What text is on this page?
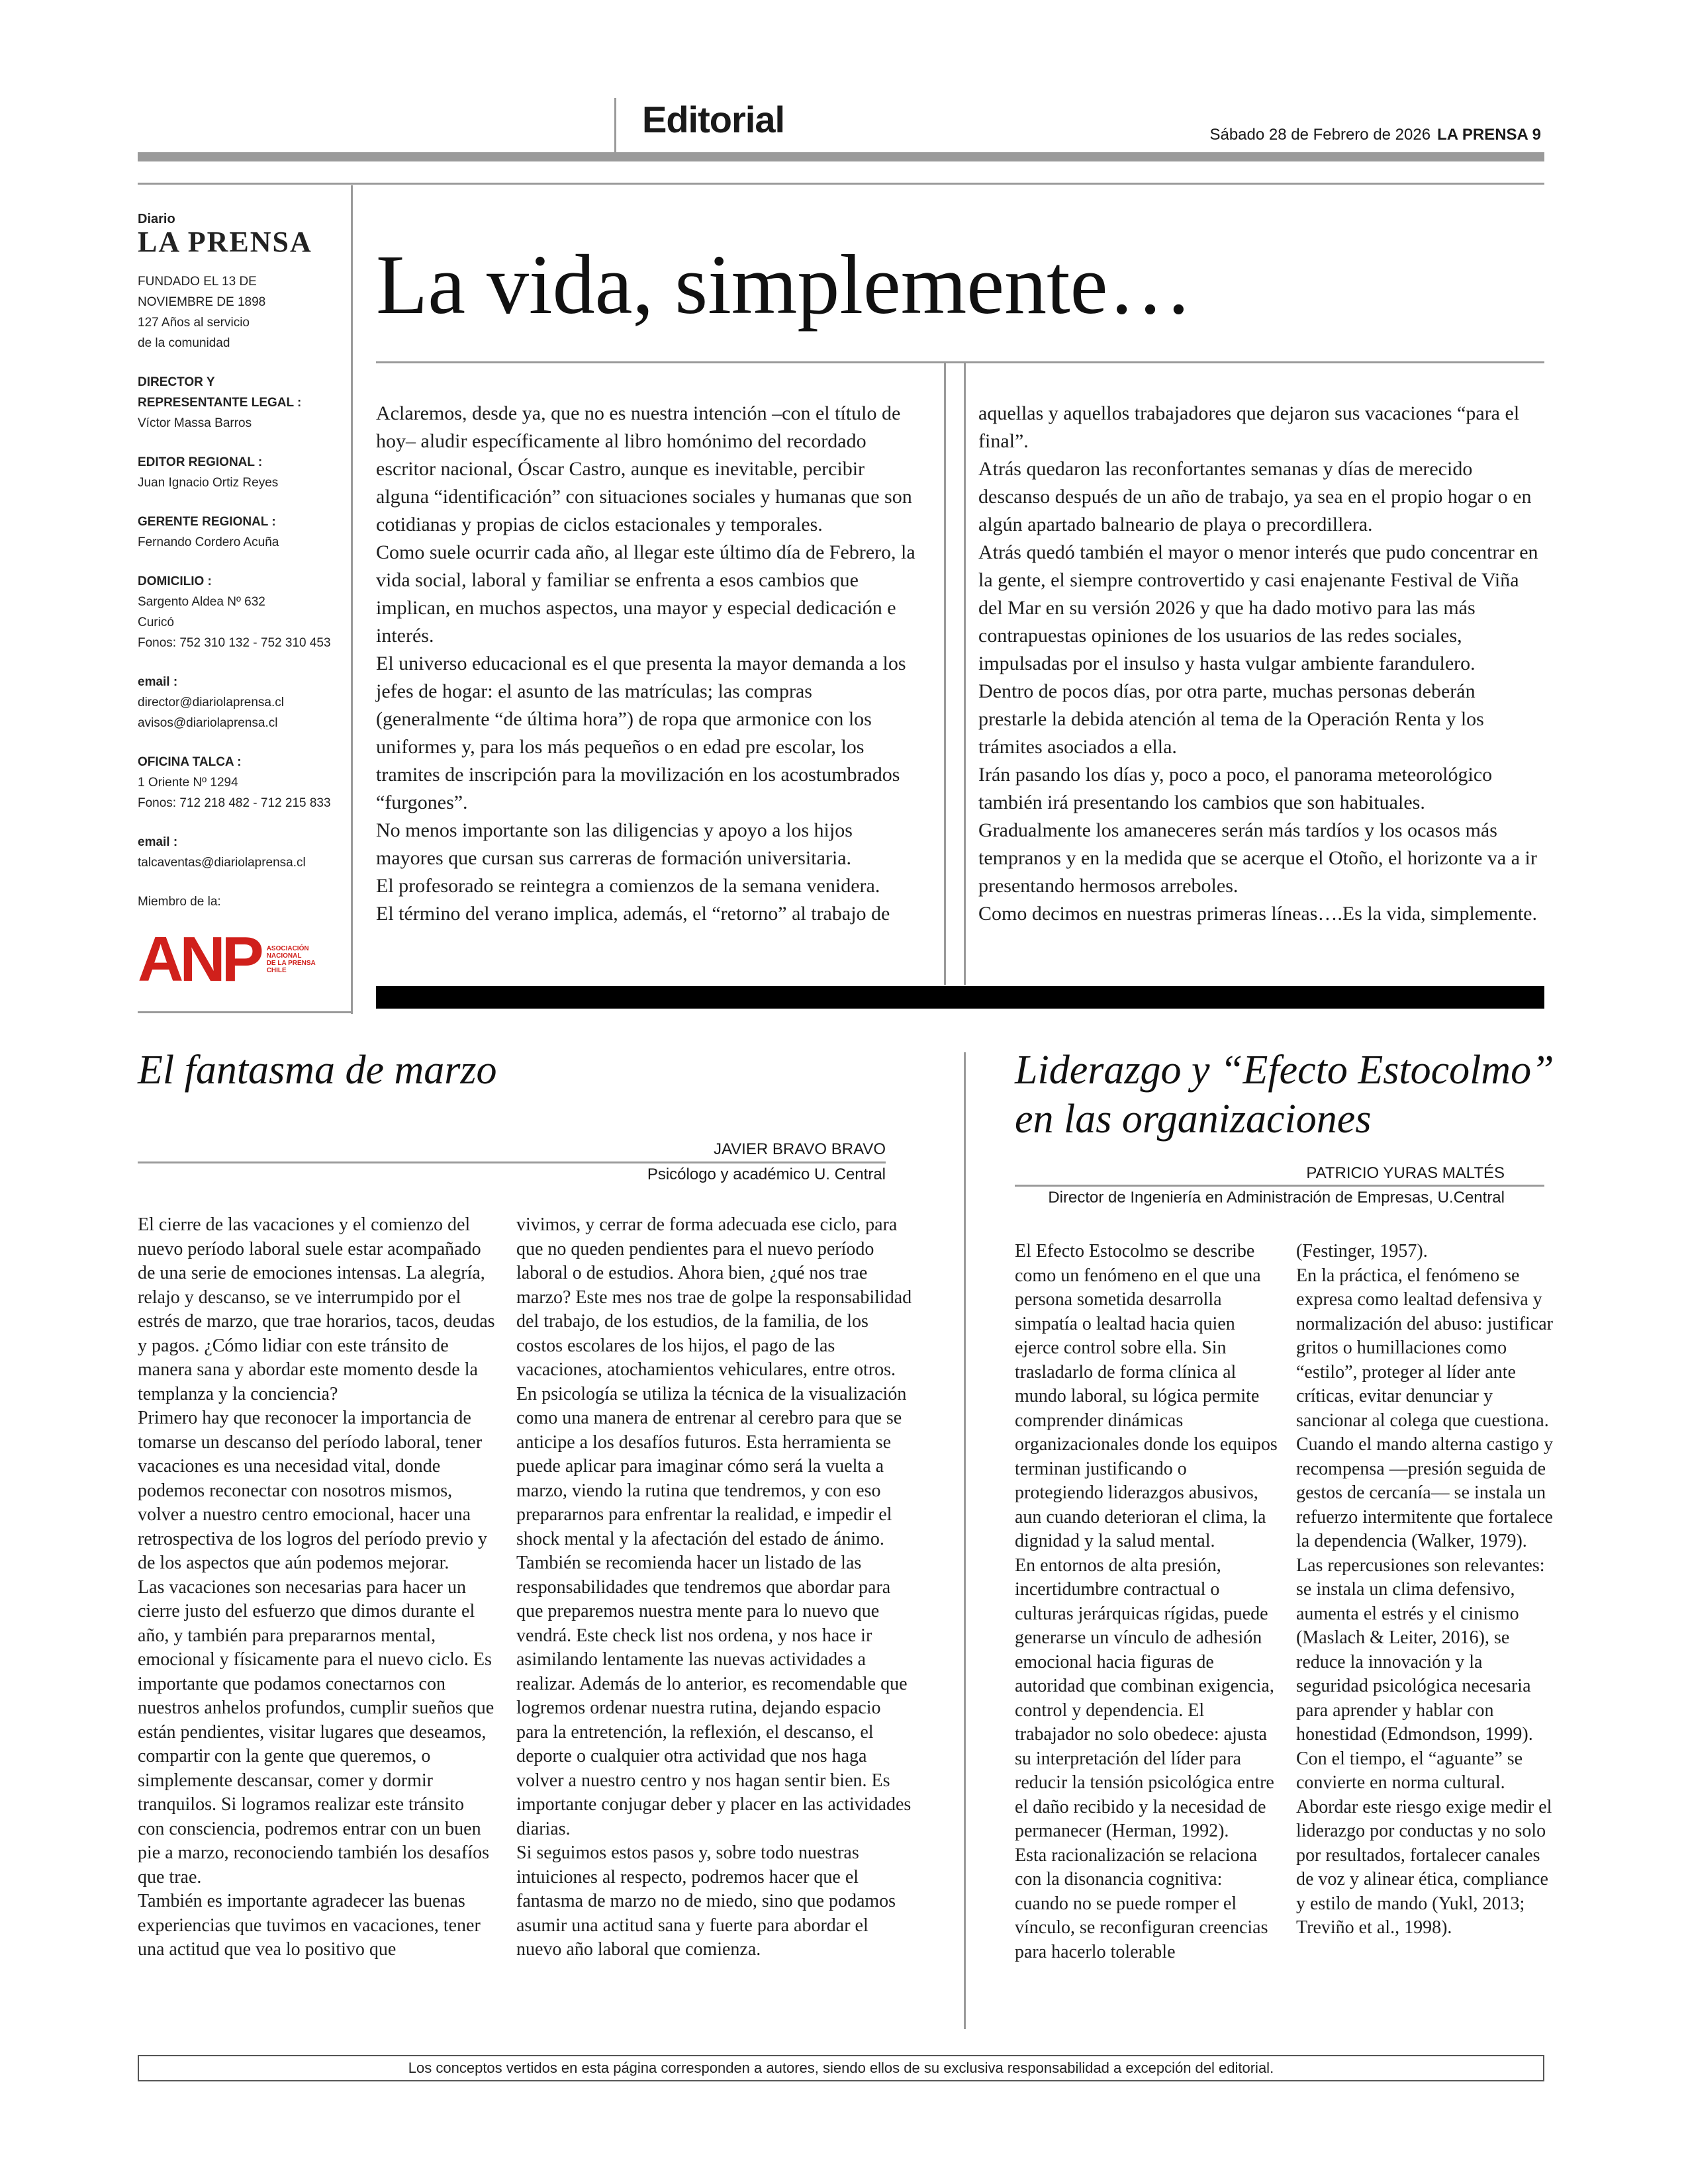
Editorial	Sábado 28 de Febrero de 2026 LA PRENSA 9
Diario
LA PRENSA
FUNDADO EL 13 DE
NOVIEMBRE DE 1898
127 Años al servicio
de la comunidad
DIRECTOR Y
REPRESENTANTE LEGAL :
Víctor Massa Barros
EDITOR REGIONAL :
Juan Ignacio Ortiz Reyes
GERENTE REGIONAL :
Fernando Cordero Acuña
DOMICILIO :
Sargento Aldea Nº 632
Curicó
Fonos: 752 310 132 - 752 310 453
email :
director@diariolaprensa.cl
avisos@diariolaprensa.cl
OFICINA TALCA :
1 Oriente Nº 1294
Fonos: 712 218 482 - 712 215 833
email :
talcaventas@diariolaprensa.cl
Miembro de la:
ANP ASOCIACIÓN
NACIONAL
DE LA PRENSA
CHILE
La vida, simplemente…

Aclaremos, desde ya, que no es nuestra intención –con el título de hoy– aludir específicamente al libro homónimo del recordado escritor nacional, Óscar Castro, aunque es inevitable, percibir alguna “identificación” con situaciones sociales y humanas que son cotidianas y propias de ciclos estacionales y temporales.

Como suele ocurrir cada año, al llegar este último día de Febrero, la vida social, laboral y familiar se enfrenta a esos cambios que implican, en muchos aspectos, una mayor y especial dedicación e interés.

El universo educacional es el que presenta la mayor demanda a los jefes de hogar: el asunto de las matrículas; las compras (generalmente “de última hora”) de ropa que armonice con los uniformes y, para los más pequeños o en edad pre escolar, los tramites de inscripción para la movilización en los acostumbrados “furgones”.

No menos importante son las diligencias y apoyo a los hijos mayores que cursan sus carreras de formación universitaria.

El profesorado se reintegra a comienzos de la semana venidera.

El término del verano implica, además, el “retorno” al trabajo de

aquellas y aquellos trabajadores que dejaron sus vacaciones “para el final”.

Atrás quedaron las reconfortantes semanas y días de merecido descanso después de un año de trabajo, ya sea en el propio hogar o en algún apartado balneario de playa o precordillera.

Atrás quedó también el mayor o menor interés que pudo concentrar en la gente, el siempre controvertido y casi enajenante Festival de Viña del Mar en su versión 2026 y que ha dado motivo para las más contrapuestas opiniones de los usuarios de las redes sociales, impulsadas por el insulso y hasta vulgar ambiente farandulero.

Dentro de pocos días, por otra parte, muchas personas deberán prestarle la debida atención al tema de la Operación Renta y los trámites asociados a ella.

Irán pasando los días y, poco a poco, el panorama meteorológico también irá presentando los cambios que son habituales.

Gradualmente los amaneceres serán más tardíos y los ocasos más tempranos y en la medida que se acerque el Otoño, el horizonte va a ir presentando hermosos arreboles.

Como decimos en nuestras primeras líneas….Es la vida, simplemente.

El fantasma de marzo
JAVIER BRAVO BRAVO
Psicólogo y académico U. Central

El cierre de las vacaciones y el comienzo del nuevo período laboral suele estar acompañado de una serie de emociones intensas. La alegría, relajo y descanso, se ve interrumpido por el estrés de marzo, que trae horarios, tacos, deudas y pagos. ¿Cómo lidiar con este tránsito de manera sana y abordar este momento desde la templanza y la conciencia?

Primero hay que reconocer la importancia de tomarse un descanso del período laboral, tener vacaciones es una necesidad vital, donde podemos reconectar con nosotros mismos, volver a nuestro centro emocional, hacer una retrospectiva de los logros del período previo y de los aspectos que aún podemos mejorar.

Las vacaciones son necesarias para hacer un cierre justo del esfuerzo que dimos durante el año, y también para prepararnos mental, emocional y físicamente para el nuevo ciclo. Es importante que podamos conectarnos con nuestros anhelos profundos, cumplir sueños que están pendientes, visitar lugares que deseamos, compartir con la gente que queremos, o simplemente descansar, comer y dormir tranquilos. Si logramos realizar este tránsito con consciencia, podremos entrar con un buen pie a marzo, reconociendo también los desafíos que trae.

También es importante agradecer las buenas experiencias que tuvimos en vacaciones, tener una actitud que vea lo positivo que

vivimos, y cerrar de forma adecuada ese ciclo, para que no queden pendientes para el nuevo período laboral o de estudios. Ahora bien, ¿qué nos trae marzo? Este mes nos trae de golpe la responsabilidad del trabajo, de los estudios, de la familia, de los costos escolares de los hijos, el pago de las vacaciones, atochamientos vehiculares, entre otros.

En psicología se utiliza la técnica de la visualización como una manera de entrenar al cerebro para que se anticipe a los desafíos futuros. Esta herramienta se puede aplicar para imaginar cómo será la vuelta a marzo, viendo la rutina que tendremos, y con eso prepararnos para enfrentar la realidad, e impedir el shock mental y la afectación del estado de ánimo.

También se recomienda hacer un listado de las responsabilidades que tendremos que abordar para que preparemos nuestra mente para lo nuevo que vendrá. Este check list nos ordena, y nos hace ir asimilando lentamente las nuevas actividades a realizar. Además de lo anterior, es recomendable que logremos ordenar nuestra rutina, dejando espacio para la entretención, la reflexión, el descanso, el deporte o cualquier otra actividad que nos haga volver a nuestro centro y nos hagan sentir bien. Es importante conjugar deber y placer en las actividades diarias.

Si seguimos estos pasos y, sobre todo nuestras intuiciones al respecto, podremos hacer que el fantasma de marzo no de miedo, sino que podamos asumir una actitud sana y fuerte para abordar el nuevo año laboral que comienza.

Liderazgo y “Efecto Estocolmo”
en las organizaciones
PATRICIO YURAS MALTÉS
Director de Ingeniería en Administración de Empresas, U.Central

El Efecto Estocolmo se describe como un fenómeno en el que una persona sometida desarrolla simpatía o lealtad hacia quien ejerce control sobre ella. Sin trasladarlo de forma clínica al mundo laboral, su lógica permite comprender dinámicas organizacionales donde los equipos terminan justificando o protegiendo liderazgos abusivos, aun cuando deterioran el clima, la dignidad y la salud mental.

En entornos de alta presión, incertidumbre contractual o culturas jerárquicas rígidas, puede generarse un vínculo de adhesión emocional hacia figuras de autoridad que combinan exigencia, control y dependencia. El trabajador no solo obedece: ajusta su interpretación del líder para reducir la tensión psicológica entre el daño recibido y la necesidad de permanecer (Herman, 1992).

Esta racionalización se relaciona con la disonancia cognitiva: cuando no se puede romper el vínculo, se reconfiguran creencias para hacerlo tolerable

(Festinger, 1957).

En la práctica, el fenómeno se expresa como lealtad defensiva y normalización del abuso: justificar gritos o humillaciones como “estilo”, proteger al líder ante críticas, evitar denunciar y sancionar al colega que cuestiona. Cuando el mando alterna castigo y recompensa —presión seguida de gestos de cercanía— se instala un refuerzo intermitente que fortalece la dependencia (Walker, 1979).

Las repercusiones son relevantes: se instala un clima defensivo, aumenta el estrés y el cinismo (Maslach & Leiter, 2016), se reduce la innovación y la seguridad psicológica necesaria para aprender y hablar con honestidad (Edmondson, 1999). Con el tiempo, el “aguante” se convierte en norma cultural. Abordar este riesgo exige medir el liderazgo por conductas y no solo por resultados, fortalecer canales de voz y alinear ética, compliance y estilo de mando (Yukl, 2013; Treviño et al., 1998).

Los conceptos vertidos en esta página corresponden a autores, siendo ellos de su exclusiva responsabilidad a excepción del editorial.
